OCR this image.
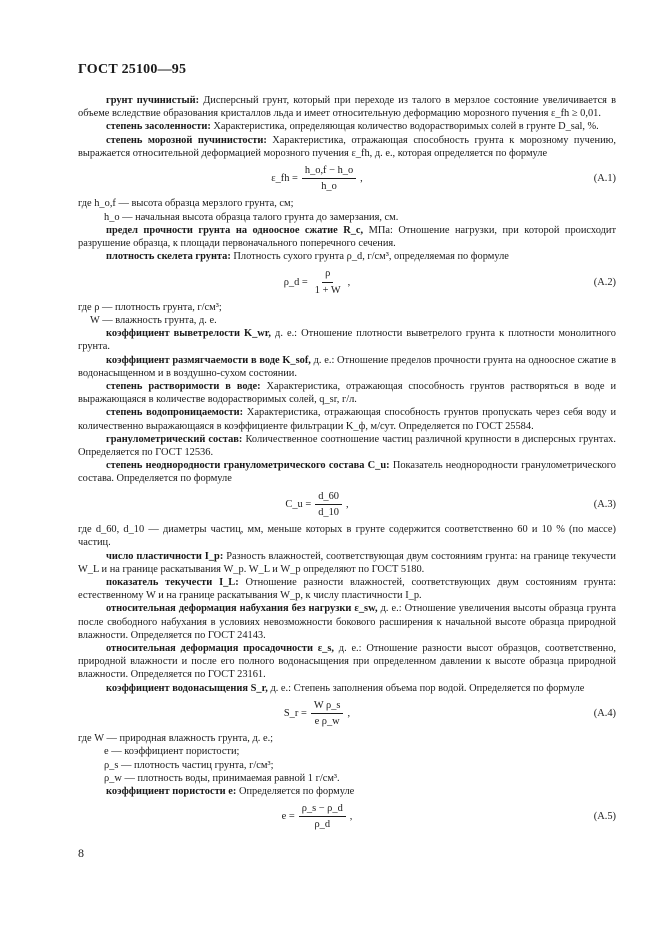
ГОСТ 25100—95

грунт пучинистый: Дисперсный грунт, который при переходе из талого в мерзлое состояние увеличивается в объеме вследствие образования кристаллов льда и имеет относительную деформацию морозного пучения ε_fh ≥ 0,01.

степень засоленности: Характеристика, определяющая количество водорастворимых солей в грунте D_sal, %.

степень морозной пучинистости: Характеристика, отражающая способность грунта к морозному пучению, выражается относительной деформацией морозного пучения ε_fh, д. е., которая определяется по формуле

ε_fh = $\frac{h\_o,f - h\_o}{h\_o}$ ,	(А.1)

где h_o,f — высота образца мерзлого грунта, см;

h_o — начальная высота образца талого грунта до замерзания, см.

предел прочности грунта на одноосное сжатие R_c, МПа: Отношение нагрузки, при которой происходит разрушение образца, к площади первоначального поперечного сечения.

плотность скелета грунта: Плотность сухого грунта ρ_d, г/см³, определяемая по формуле

ρ_d = $\frac{\rho}{1 + W}$ ,	(А.2)

где ρ — плотность грунта, г/см³;

W — влажность грунта, д. е.

коэффициент выветрелости K_wr, д. е.: Отношение плотности выветрелого грунта к плотности монолитного грунта.

коэффициент размягчаемости в воде K_sof, д. е.: Отношение пределов прочности грунта на одноосное сжатие в водонасыщенном и в воздушно-сухом состоянии.

степень растворимости в воде: Характеристика, отражающая способность грунтов растворяться в воде и выражающаяся в количестве водорастворимых солей, q_sr, г/л.

степень водопроницаемости: Характеристика, отражающая способность грунтов пропускать через себя воду и количественно выражающаяся в коэффициенте фильтрации K_ф, м/сут. Определяется по ГОСТ 25584.

гранулометрический состав: Количественное соотношение частиц различной крупности в дисперсных грунтах. Определяется по ГОСТ 12536.

степень неоднородности гранулометрического состава C_u: Показатель неоднородности гранулометрического состава. Определяется по формуле

C_u = $\frac{d\_60}{d\_10}$ ,	(А.3)

где d_60, d_10 — диаметры частиц, мм, меньше которых в грунте содержится соответственно 60 и 10 % (по массе) частиц.

число пластичности I_p: Разность влажностей, соответствующая двум состояниям грунта: на границе текучести W_L и на границе раскатывания W_p. W_L и W_p определяют по ГОСТ 5180.

показатель текучести I_L: Отношение разности влажностей, соответствующих двум состояниям грунта: естественному W и на границе раскатывания W_p, к числу пластичности I_p.

относительная деформация набухания без нагрузки ε_sw, д. е.: Отношение увеличения высоты образца грунта после свободного набухания в условиях невозможности бокового расширения к начальной высоте образца природной влажности. Определяется по ГОСТ 24143.

относительная деформация просадочности ε_s, д. е.: Отношение разности высот образцов, соответственно, природной влажности и после его полного водонасыщения при определенном давлении к высоте образца природной влажности. Определяется по ГОСТ 23161.

коэффициент водонасыщения S_r, д. е.: Степень заполнения объема пор водой. Определяется по формуле

S_r = $\frac{\text{W ρ\_s}}{\text{e ρ\_w}}$ ,	(А.4)

где W — природная влажность грунта, д. е.;

e — коэффициент пористости;

ρ_s — плотность частиц грунта, г/см³;

ρ_w — плотность воды, принимаемая равной 1 г/см³.

коэффициент пористости e: Определяется по формуле

$e = \frac{\rho\_s - \rho\_d}{\rho\_d}$ ,	(А.5)
8
